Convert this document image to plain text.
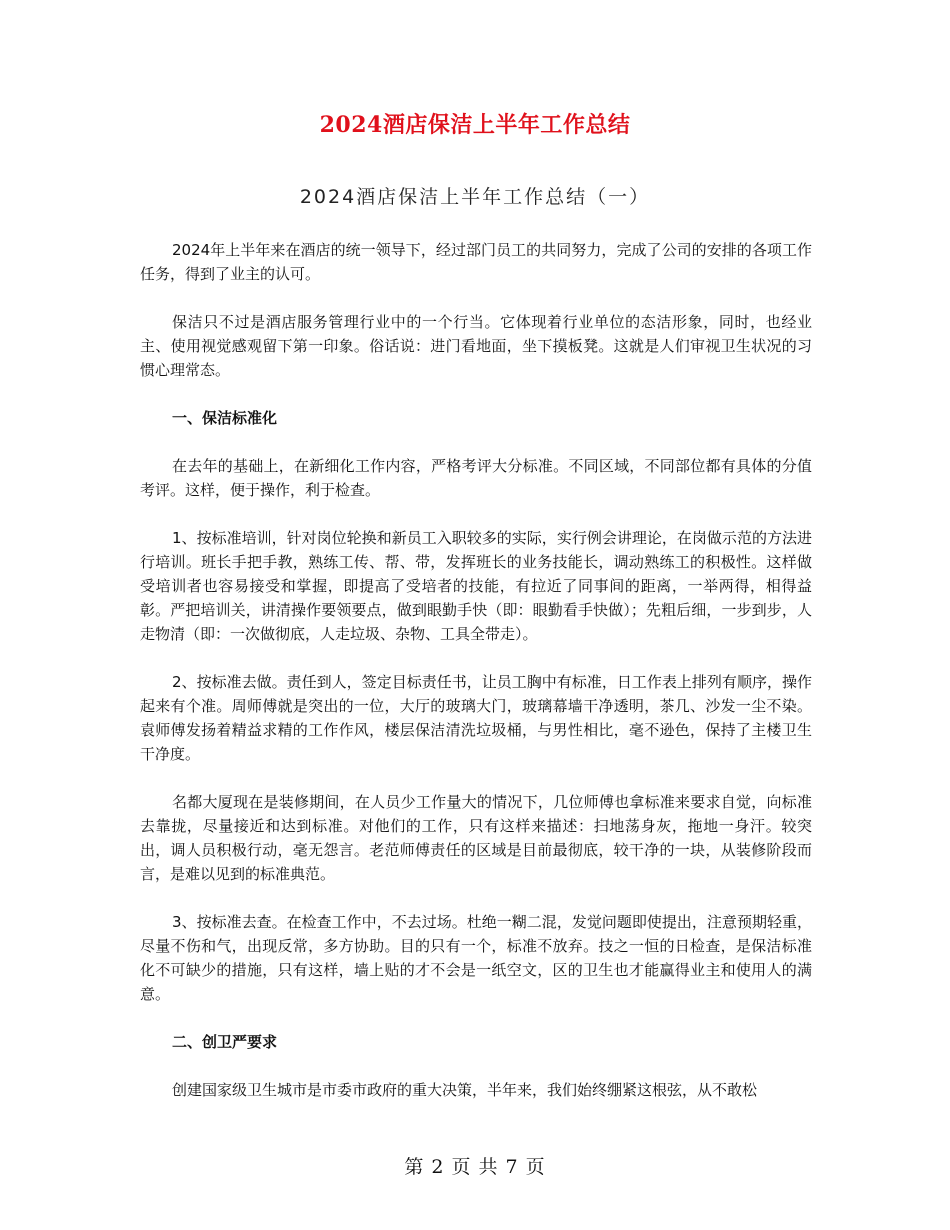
2024酒店保洁上半年工作总结
2024酒店保洁上半年工作总结（一）

2024年上半年来在酒店的统一领导下，经过部门员工的共同努力，完成了公司的安排的各项工作任务，得到了业主的认可。

保洁只不过是酒店服务管理行业中的一个行当。它体现着行业单位的态洁形象，同时，也经业主、使用视觉感观留下第一印象。俗话说：进门看地面，坐下摸板凳。这就是人们审视卫生状况的习惯心理常态。

一、保洁标准化

在去年的基础上，在新细化工作内容，严格考评大分标准。不同区域，不同部位都有具体的分值考评。这样，便于操作，利于检查。

1、按标准培训，针对岗位轮换和新员工入职较多的实际，实行例会讲理论，在岗做示范的方法进行培训。班长手把手教，熟练工传、帮、带，发挥班长的业务技能长，调动熟练工的积极性。这样做受培训者也容易接受和掌握，即提高了受培者的技能，有拉近了同事间的距离，一举两得，相得益彰。严把培训关，讲清操作要领要点，做到眼勤手快（即：眼勤看手快做）；先粗后细，一步到步，人走物清（即：一次做彻底，人走垃圾、杂物、工具全带走）。

2、按标准去做。责任到人，签定目标责任书，让员工胸中有标准，日工作表上排列有顺序，操作起来有个准。周师傅就是突出的一位，大厅的玻璃大门，玻璃幕墙干净透明，茶几、沙发一尘不染。袁师傅发扬着精益求精的工作作风，楼层保洁清洗垃圾桶，与男性相比，毫不逊色，保持了主楼卫生干净度。

名都大厦现在是装修期间，在人员少工作量大的情况下，几位师傅也拿标准来要求自觉，向标准去靠拢，尽量接近和达到标准。对他们的工作，只有这样来描述：扫地荡身灰，拖地一身汗。较突出，调人员积极行动，毫无怨言。老范师傅责任的区域是目前最彻底，较干净的一块，从装修阶段而言，是难以见到的标准典范。

3、按标准去查。在检查工作中，不去过场。杜绝一糊二混，发觉问题即使提出，注意预期轻重，尽量不伤和气，出现反常，多方协助。目的只有一个，标准不放弃。技之一恒的日检查，是保洁标准化不可缺少的措施，只有这样，墙上贴的才不会是一纸空文，区的卫生也才能赢得业主和使用人的满意。

二、创卫严要求

创建国家级卫生城市是市委市政府的重大决策，半年来，我们始终绷紧这根弦，从不敢松

第 2 页 共 7 页
